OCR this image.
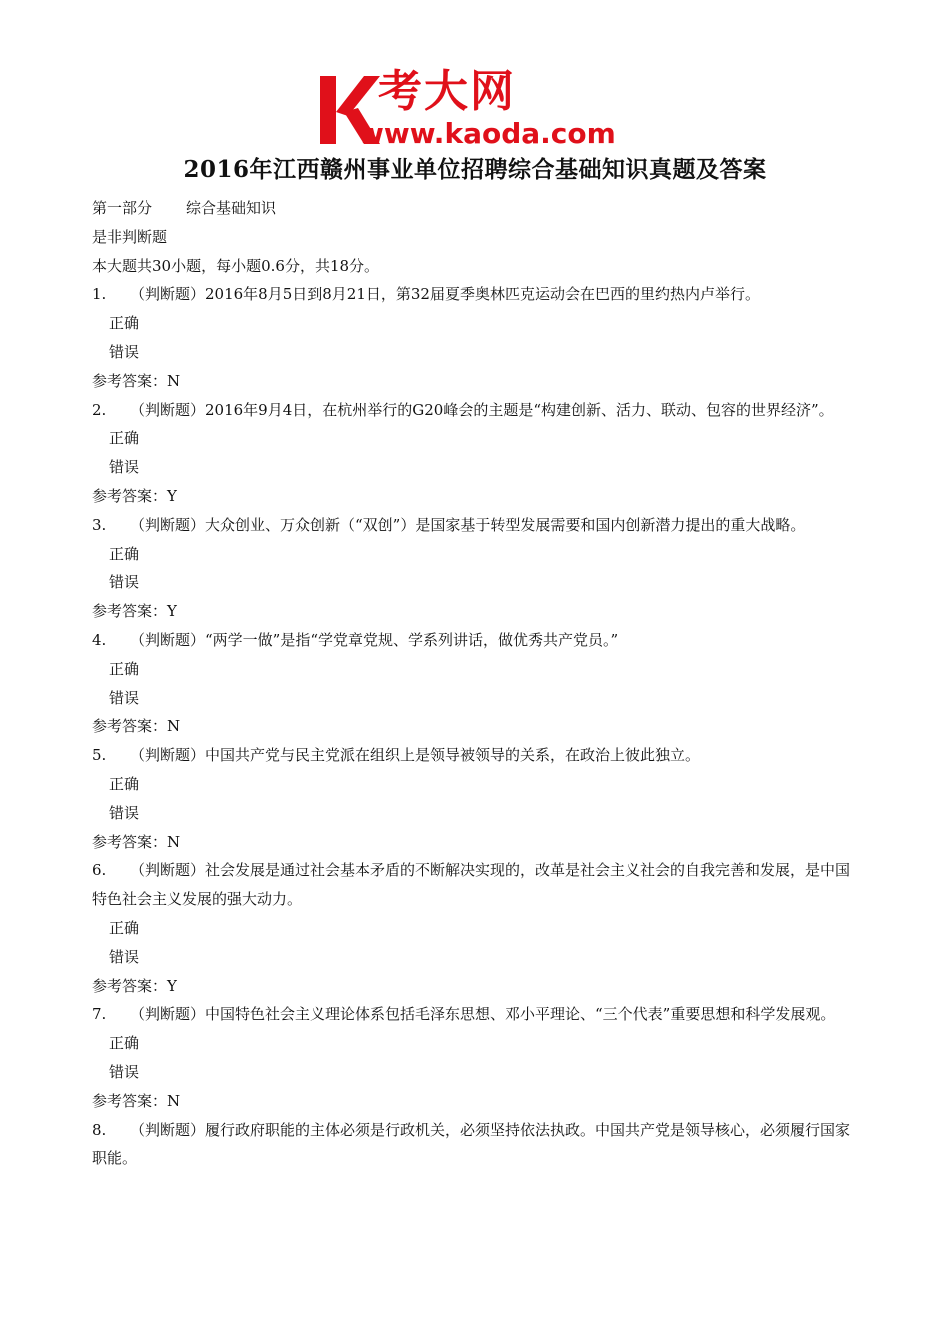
考大网
www.kaoda.com
2016年江西赣州事业单位招聘综合基础知识真题及答案

第一部分 综合基础知识

是非判断题

本大题共30小题，每小题0.6分，共18分。

1. （判断题）2016年8月5日到8月21日，第32届夏季奥林匹克运动会在巴西的里约热内卢举行。

正确

错误

参考答案：N

2. （判断题）2016年9月4日，在杭州举行的G20峰会的主题是“构建创新、活力、联动、包容的世界经济”。

正确

错误

参考答案：Y

3. （判断题）大众创业、万众创新（“双创”）是国家基于转型发展需要和国内创新潜力提出的重大战略。

正确

错误

参考答案：Y

4. （判断题）“两学一做”是指“学党章党规、学系列讲话，做优秀共产党员。”

正确

错误

参考答案：N

5. （判断题）中国共产党与民主党派在组织上是领导被领导的关系，在政治上彼此独立。

正确

错误

参考答案：N

6. （判断题）社会发展是通过社会基本矛盾的不断解决实现的，改革是社会主义社会的自我完善和发展，是中国特色社会主义发展的强大动力。

正确

错误

参考答案：Y

7. （判断题）中国特色社会主义理论体系包括毛泽东思想、邓小平理论、“三个代表”重要思想和科学发展观。

正确

错误

参考答案：N

8. （判断题）履行政府职能的主体必须是行政机关，必须坚持依法执政。中国共产党是领导核心，必须履行国家职能。
